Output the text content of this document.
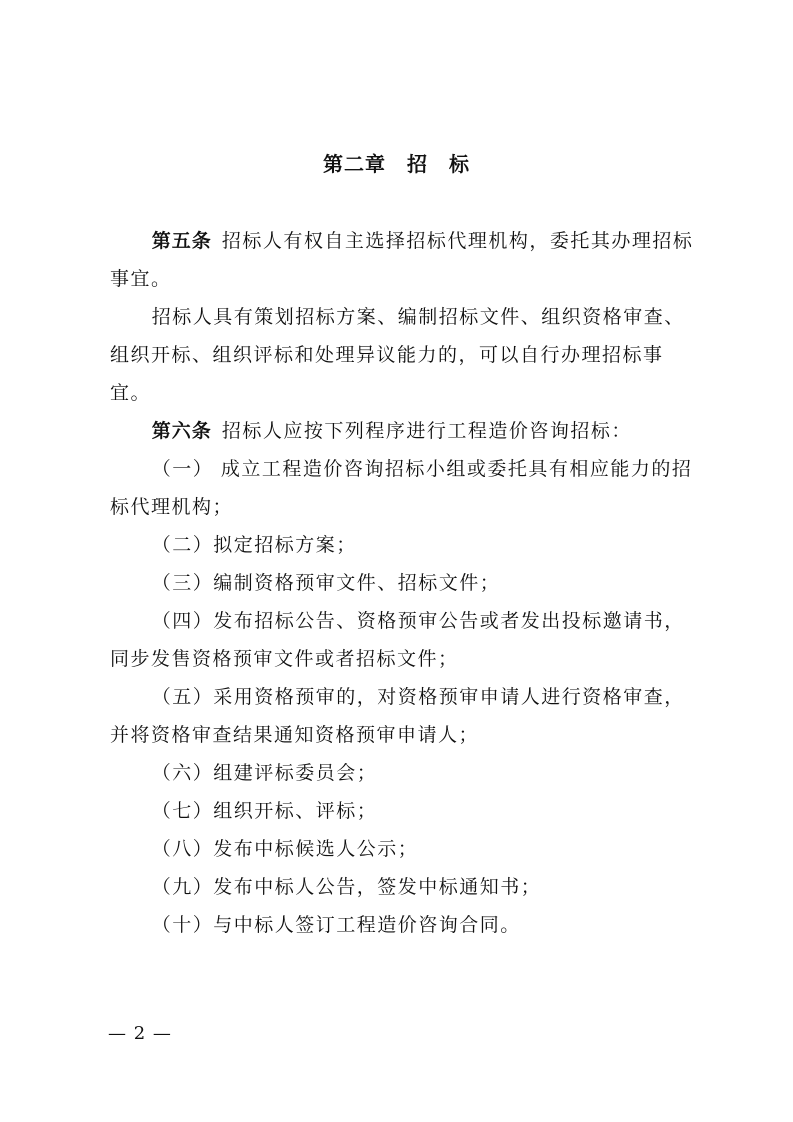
第二章　招　标

第五条 招标人有权自主选择招标代理机构，委托其办理招标事宜。

招标人具有策划招标方案、编制招标文件、组织资格审查、组织开标、组织评标和处理异议能力的，可以自行办理招标事宜。

第六条 招标人应按下列程序进行工程造价咨询招标：

（一） 成立工程造价咨询招标小组或委托具有相应能力的招标代理机构；

（二）拟定招标方案；

（三）编制资格预审文件、招标文件；

（四）发布招标公告、资格预审公告或者发出投标邀请书，同步发售资格预审文件或者招标文件；

（五）采用资格预审的，对资格预审申请人进行资格审查，并将资格审查结果通知资格预审申请人；

（六）组建评标委员会；

（七）组织开标、评标；

（八）发布中标候选人公示；

（九）发布中标人公告，签发中标通知书；

（十）与中标人签订工程造价咨询合同。

— 2 —
